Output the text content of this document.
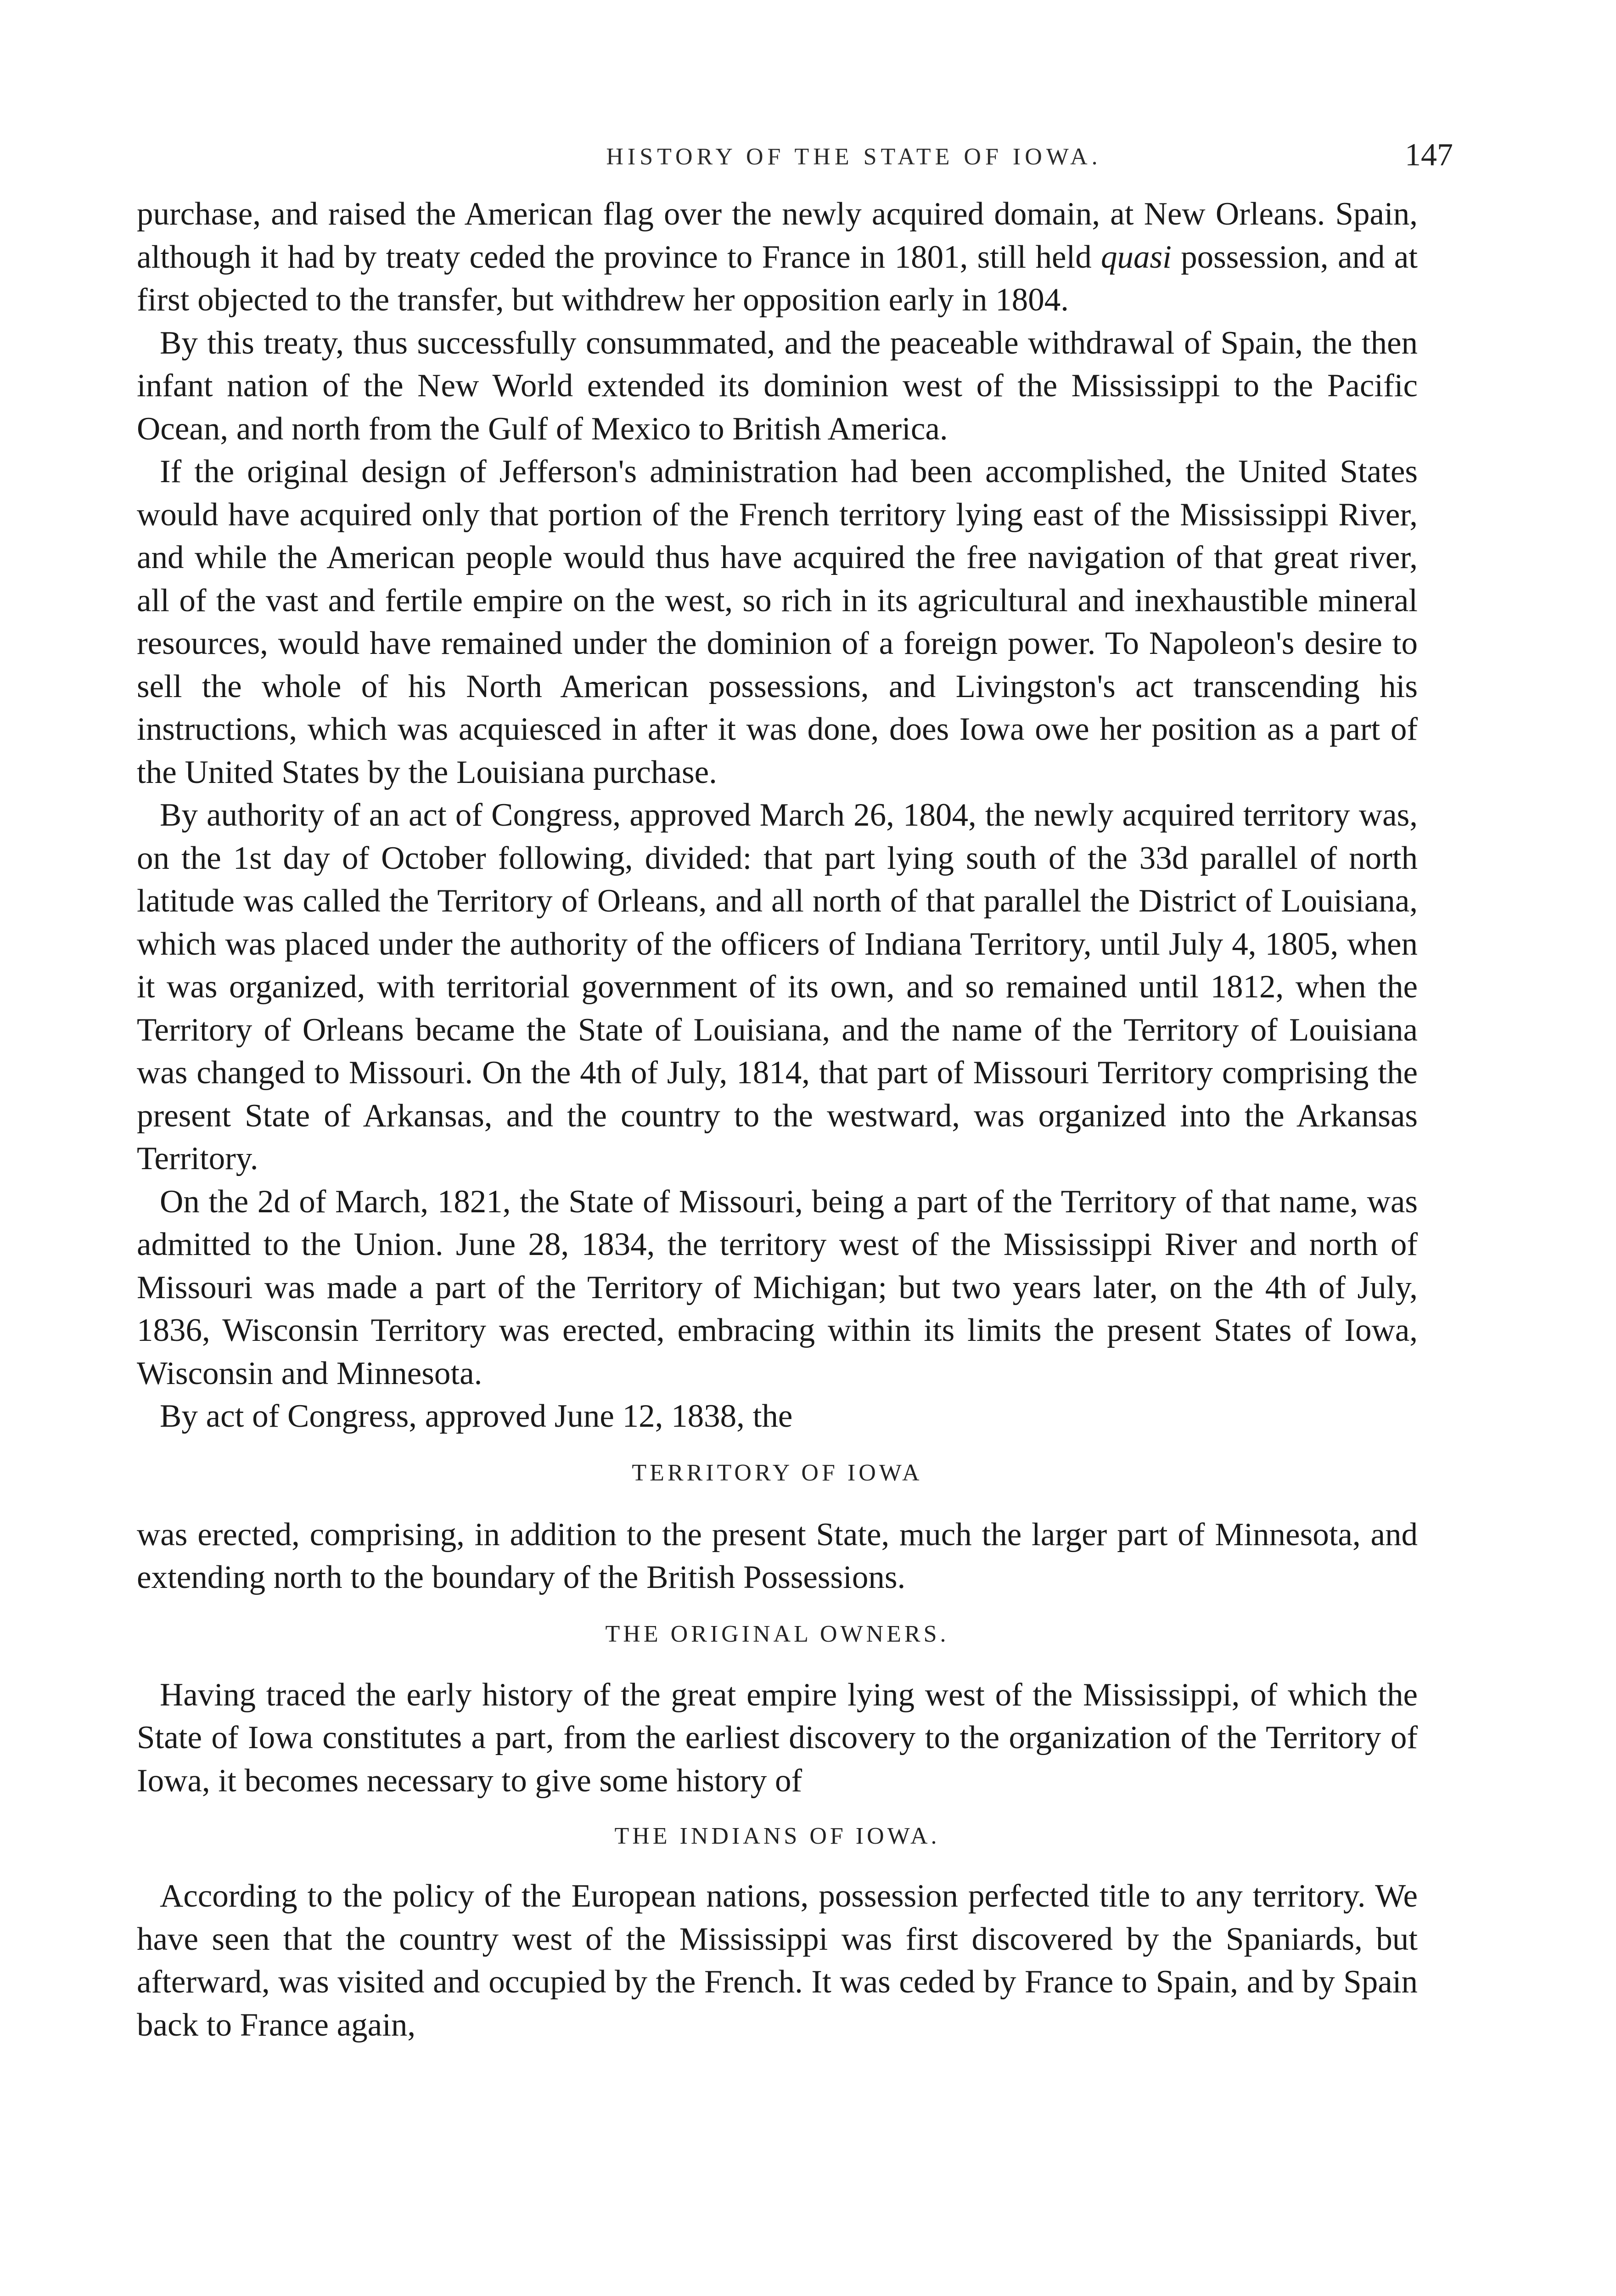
HISTORY OF THE STATE OF IOWA.	147

purchase, and raised the American flag over the newly acquired domain, at New Orleans. Spain, although it had by treaty ceded the province to France in 1801, still held quasi possession, and at first objected to the transfer, but withdrew her opposition early in 1804.

By this treaty, thus successfully consummated, and the peaceable withdrawal of Spain, the then infant nation of the New World extended its dominion west of the Mississippi to the Pacific Ocean, and north from the Gulf of Mexico to British America.

If the original design of Jefferson's administration had been accomplished, the United States would have acquired only that portion of the French territory lying east of the Mississippi River, and while the American people would thus have acquired the free navigation of that great river, all of the vast and fertile empire on the west, so rich in its agricultural and inexhaustible mineral resources, would have remained under the dominion of a foreign power. To Napoleon's desire to sell the whole of his North American possessions, and Livingston's act transcending his instructions, which was acquiesced in after it was done, does Iowa owe her position as a part of the United States by the Louisiana purchase.

By authority of an act of Congress, approved March 26, 1804, the newly acquired territory was, on the 1st day of October following, divided: that part lying south of the 33d parallel of north latitude was called the Territory of Orleans, and all north of that parallel the District of Louisiana, which was placed under the authority of the officers of Indiana Territory, until July 4, 1805, when it was organized, with territorial government of its own, and so remained until 1812, when the Territory of Orleans became the State of Louisiana, and the name of the Territory of Louisiana was changed to Missouri. On the 4th of July, 1814, that part of Missouri Territory comprising the present State of Arkansas, and the country to the westward, was organized into the Arkansas Territory.

On the 2d of March, 1821, the State of Missouri, being a part of the Territory of that name, was admitted to the Union. June 28, 1834, the territory west of the Mississippi River and north of Missouri was made a part of the Territory of Michigan; but two years later, on the 4th of July, 1836, Wisconsin Territory was erected, embracing within its limits the present States of Iowa, Wisconsin and Minnesota.

By act of Congress, approved June 12, 1838, the

TERRITORY OF IOWA

was erected, comprising, in addition to the present State, much the larger part of Minnesota, and extending north to the boundary of the British Possessions.

THE ORIGINAL OWNERS.

Having traced the early history of the great empire lying west of the Mississippi, of which the State of Iowa constitutes a part, from the earliest discovery to the organization of the Territory of Iowa, it becomes necessary to give some history of

THE INDIANS OF IOWA.

According to the policy of the European nations, possession perfected title to any territory. We have seen that the country west of the Mississippi was first discovered by the Spaniards, but afterward, was visited and occupied by the French. It was ceded by France to Spain, and by Spain back to France again,
